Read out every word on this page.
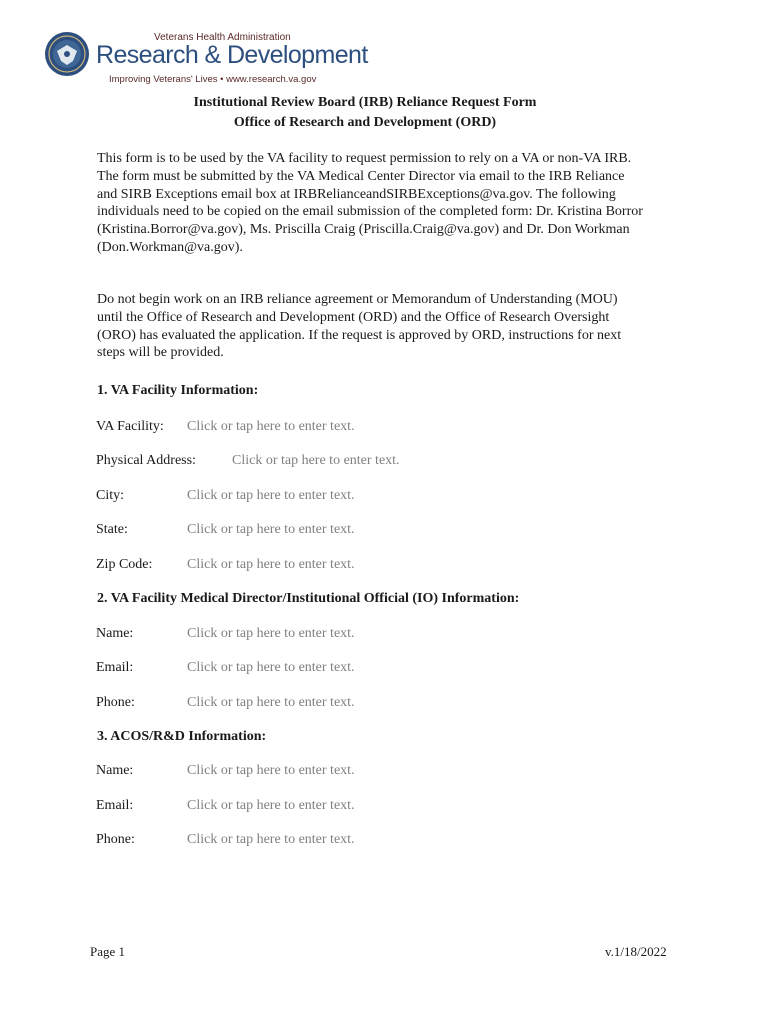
Veterans Health Administration
Research & Development
Improving Veterans' Lives • www.research.va.gov
Institutional Review Board (IRB) Reliance Request Form
Office of Research and Development (ORD)

This form is to be used by the VA facility to request permission to rely on a VA or non-VA IRB. The form must be submitted by the VA Medical Center Director via email to the IRB Reliance and SIRB Exceptions email box at IRBRelianceandSIRBExceptions@va.gov. The following individuals need to be copied on the email submission of the completed form: Dr. Kristina Borror (Kristina.Borror@va.gov), Ms. Priscilla Craig (Priscilla.Craig@va.gov) and Dr. Don Workman (Don.Workman@va.gov).

Do not begin work on an IRB reliance agreement or Memorandum of Understanding (MOU) until the Office of Research and Development (ORD) and the Office of Research Oversight (ORO) has evaluated the application. If the request is approved by ORD, instructions for next steps will be provided.

1. VA Facility Information:
VA Facility: Click or tap here to enter text.
Physical Address:	Click or tap here to enter text.
City:	Click or tap here to enter text.
State:	Click or tap here to enter text.
Zip Code: Click or tap here to enter text.
2. VA Facility Medical Director/Institutional Official (IO) Information:
Name:	Click or tap here to enter text.
Email:	Click or tap here to enter text.
Phone:	Click or tap here to enter text.
3. ACOS/R&D Information:
Name:	Click or tap here to enter text.
Email:	Click or tap here to enter text.
Phone:	Click or tap here to enter text.
Page 1	v.1/18/2022
